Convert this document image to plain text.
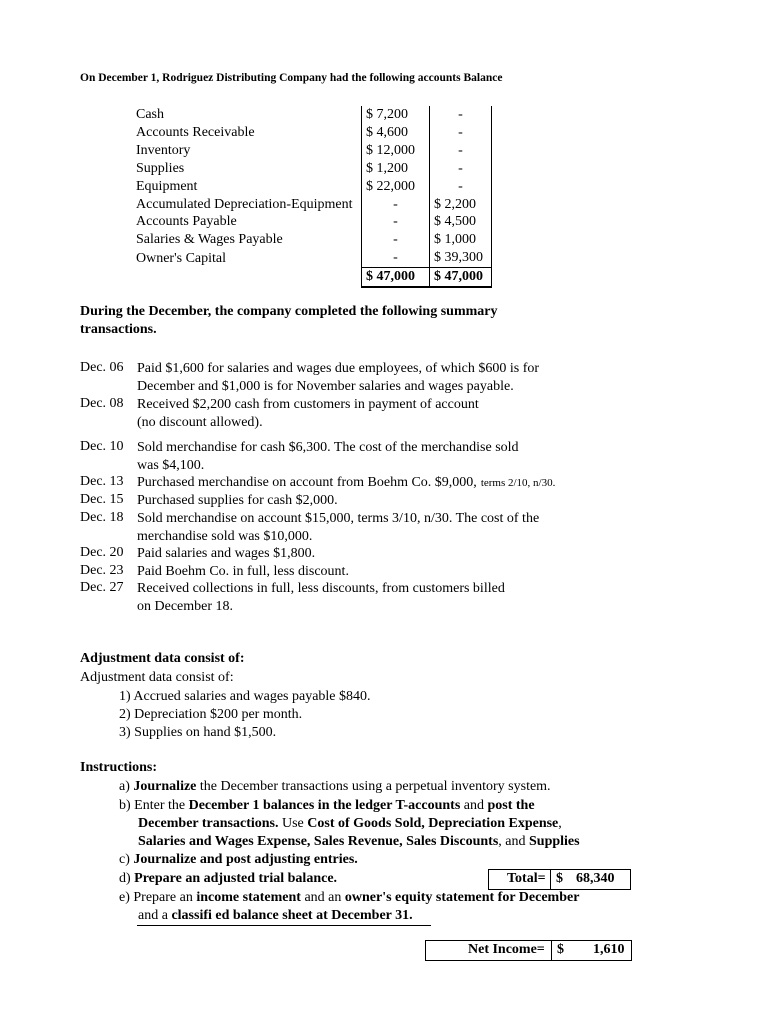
On December 1, Rodriguez Distributing Company had the following accounts Balance
Cash	$ 7,200	-
Accounts Receivable	$ 4,600	-
Inventory	$ 12,000	-
Supplies	$ 1,200	-
Equipment	$ 22,000	-
Accumulated Depreciation-Equipment	-	$ 2,200
Accounts Payable	-	$ 4,500
Salaries & Wages Payable	-	$ 1,000
Owner's Capital	-	$ 39,300
	$ 47,000	$ 47,000
During the December, the company completed the following summary
transactions.
Dec. 06 Paid $1,600 for salaries and wages due employees, of which $600 is for
December and $1,000 is for November salaries and wages payable.
Dec. 08 Received $2,200 cash from customers in payment of account
(no discount allowed).
Dec. 10 Sold merchandise for cash $6,300. The cost of the merchandise sold
was $4,100.
Dec. 13 Purchased merchandise on account from Boehm Co. $9,000, terms 2/10, n/30.
Dec. 15 Purchased supplies for cash $2,000.
Dec. 18 Sold merchandise on account $15,000, terms 3/10, n/30. The cost of the
merchandise sold was $10,000.
Dec. 20 Paid salaries and wages $1,800.
Dec. 23 Paid Boehm Co. in full, less discount.
Dec. 27 Received collections in full, less discounts, from customers billed
on December 18.
Adjustment data consist of:
Adjustment data consist of:
1) Accrued salaries and wages payable $840.
2) Depreciation $200 per month.
3) Supplies on hand $1,500.
Instructions:
a) Journalize the December transactions using a perpetual inventory system.
b) Enter the December 1 balances in the ledger T-accounts and post the
December transactions. Use Cost of Goods Sold, Depreciation Expense,
Salaries and Wages Expense, Sales Revenue, Sales Discounts, and Supplies
c) Journalize and post adjusting entries.
d) Prepare an adjusted trial balance.	Total= $ 68,340
e) Prepare an income statement and an owner's equity statement for December
and a classifi ed balance sheet at December 31.
Net Income= $ 1,610
